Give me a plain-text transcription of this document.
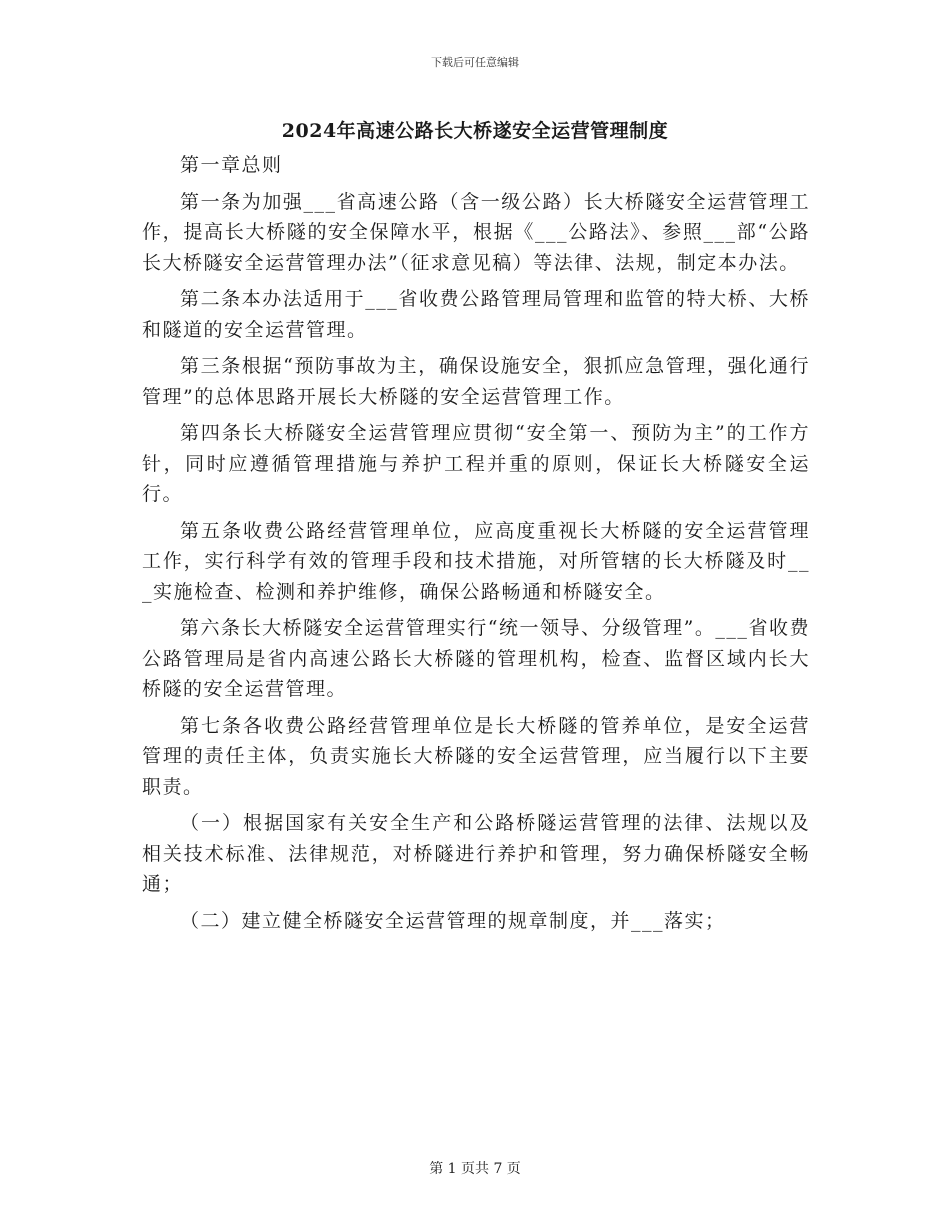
下载后可任意编辑
2024年高速公路长大桥遂安全运营管理制度

第一章总则

第一条为加强___省高速公路（含一级公路）长大桥隧安全运营管理工作，提高长大桥隧的安全保障水平，根据《___公路法》、参照___部“公路长大桥隧安全运营管理办法”（征求意见稿）等法律、法规，制定本办法。

第二条本办法适用于___省收费公路管理局管理和监管的特大桥、大桥和隧道的安全运营管理。

第三条根据“预防事故为主，确保设施安全，狠抓应急管理，强化通行管理”的总体思路开展长大桥隧的安全运营管理工作。

第四条长大桥隧安全运营管理应贯彻“安全第一、预防为主”的工作方针，同时应遵循管理措施与养护工程并重的原则，保证长大桥隧安全运行。

第五条收费公路经营管理单位，应高度重视长大桥隧的安全运营管理工作，实行科学有效的管理手段和技术措施，对所管辖的长大桥隧及时___实施检查、检测和养护维修，确保公路畅通和桥隧安全。

第六条长大桥隧安全运营管理实行“统一领导、分级管理”。___省收费公路管理局是省内高速公路长大桥隧的管理机构，检查、监督区域内长大桥隧的安全运营管理。

第七条各收费公路经营管理单位是长大桥隧的管养单位，是安全运营管理的责任主体，负责实施长大桥隧的安全运营管理，应当履行以下主要职责。

（一）根据国家有关安全生产和公路桥隧运营管理的法律、法规以及相关技术标准、法律规范，对桥隧进行养护和管理，努力确保桥隧安全畅通；

（二）建立健全桥隧安全运营管理的规章制度，并___落实；

第 1 页共 7 页
